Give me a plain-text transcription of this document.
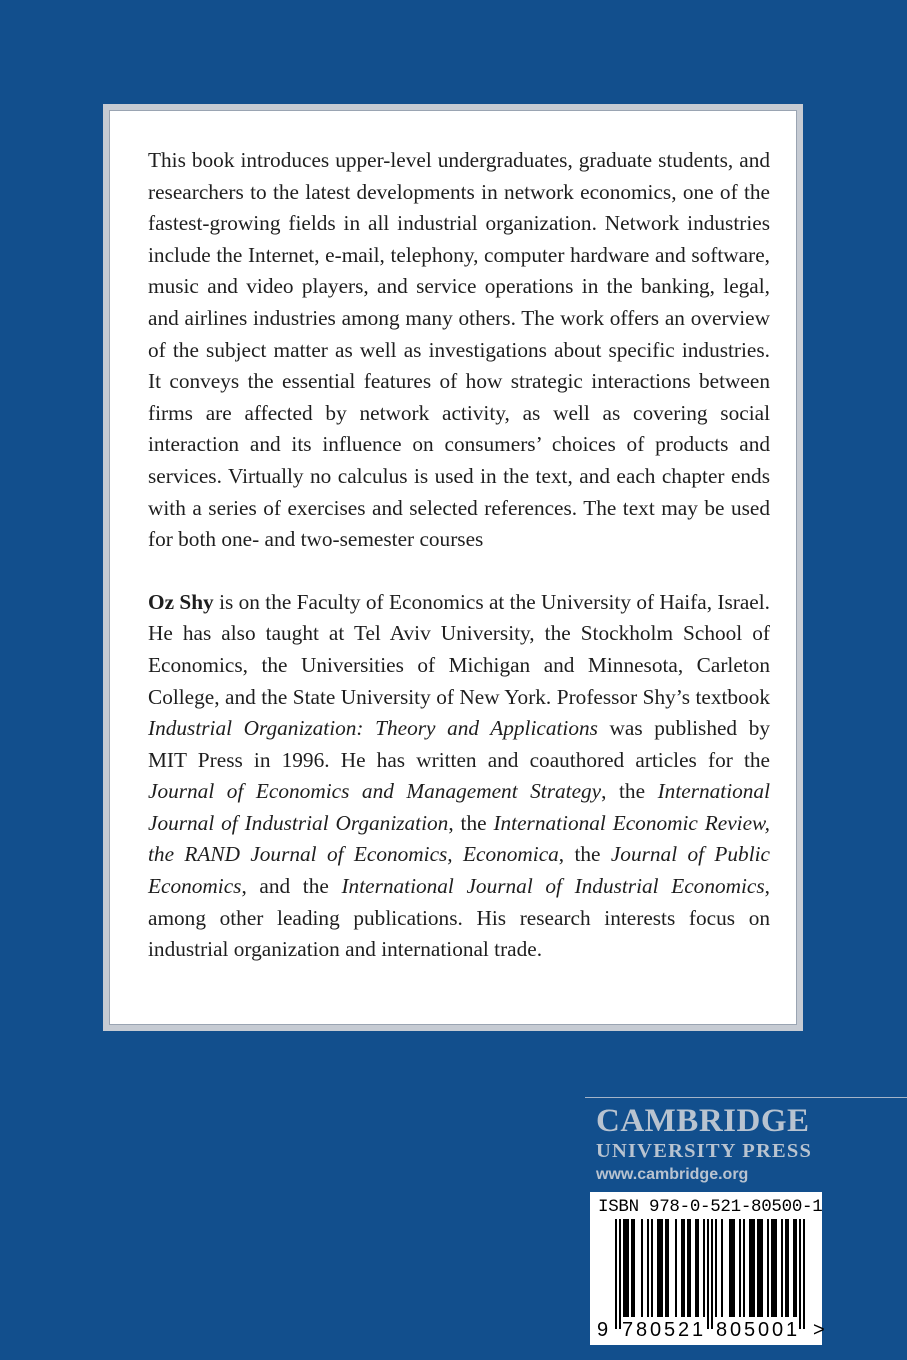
This book introduces upper-level undergraduates, graduate students, and researchers to the latest developments in network economics, one of the fastest-growing fields in all industrial organization. Network industries include the Internet, e-mail, telephony, computer hardware and software, music and video players, and service operations in the banking, legal, and airlines industries among many others. The work offers an overview of the subject matter as well as investigations about specific industries. It conveys the essential features of how strategic interactions between firms are affected by network activity, as well as covering social interaction and its influence on consumers’ choices of products and services. Virtually no calculus is used in the text, and each chapter ends with a series of exercises and selected references. The text may be used for both one- and two-semester courses

Oz Shy is on the Faculty of Economics at the University of Haifa, Israel. He has also taught at Tel Aviv University, the Stockholm School of Economics, the Universities of Michigan and Minnesota, Carleton College, and the State University of New York. Professor Shy’s textbook Industrial Organization: Theory and Applications was published by MIT Press in 1996. He has written and coauthored articles for the Journal of Economics and Management Strategy, the International Journal of Industrial Organization, the International Economic Review, the RAND Journal of Economics, Economica, the Journal of Public Economics, and the International Journal of Industrial Economics, among other leading publications. His research interests focus on industrial organization and international trade.

CAMBRIDGE
UNIVERSITY PRESS
www.cambridge.org
ISBN 978-0-521-80500-1
9 7 8 0 5 2 1 8 0 5 0 0 1 >
